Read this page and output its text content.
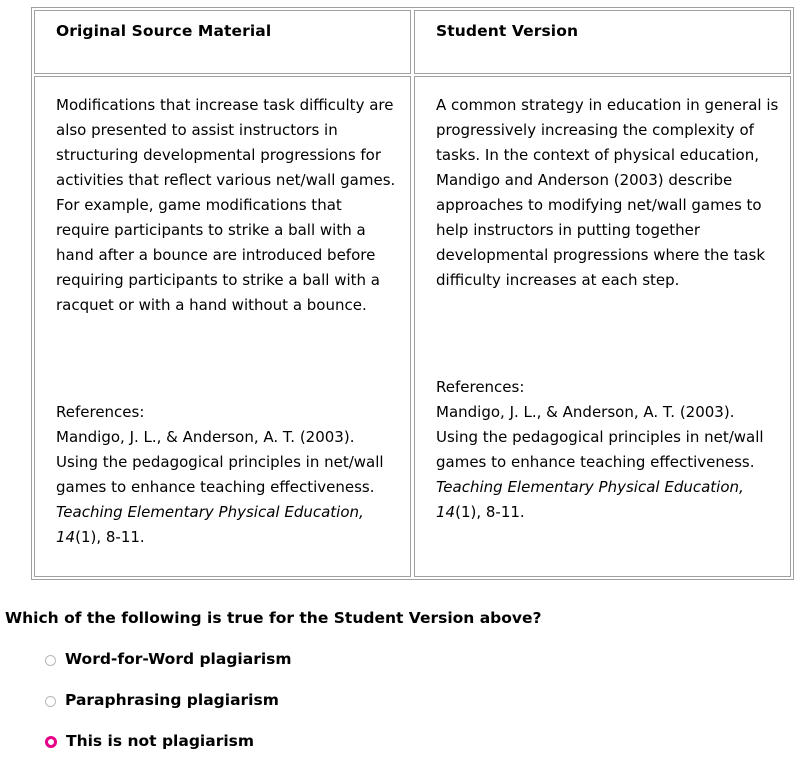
Original Source Material	Student Version
Modifications that increase task difficulty are also presented to assist instructors in structuring developmental progressions for activities that reflect various net/wall games. For example, game modifications that require participants to strike a ball with a hand after a bounce are introduced before requiring participants to strike a ball with a racquet or with a hand without a bounce.
References:
Mandigo, J. L., & Anderson, A. T. (2003). Using the pedagogical principles in net/wall games to enhance teaching effectiveness. Teaching Elementary Physical Education, 14(1), 8-11.
A common strategy in education in general is progressively increasing the complexity of tasks. In the context of physical education, Mandigo and Anderson (2003) describe approaches to modifying net/wall games to help instructors in putting together developmental progressions where the task difficulty increases at each step.
References:
Mandigo, J. L., & Anderson, A. T. (2003). Using the pedagogical principles in net/wall games to enhance teaching effectiveness. Teaching Elementary Physical Education, 14(1), 8-11.
Which of the following is true for the Student Version above?
Word-for-Word plagiarism
Paraphrasing plagiarism
This is not plagiarism
